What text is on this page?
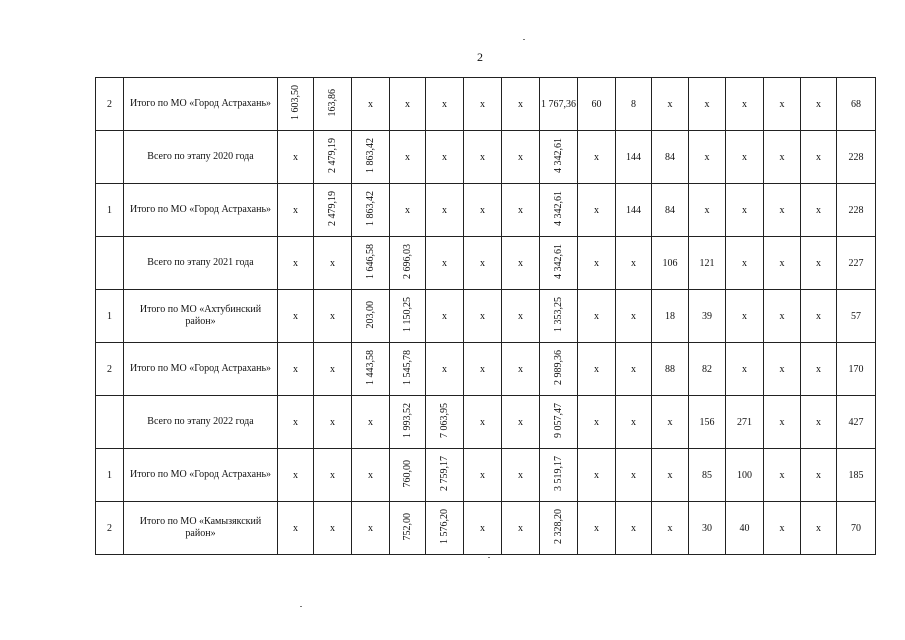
2
2	Итого по МО «Город Астрахань»	1 603,50	163,86	х	х	х	х	х	1 767,36	60	8	х	х	х	х	х	68
	Всего по этапу 2020 года	х	2 479,19	1 863,42	х	х	х	х	4 342,61	х	144	84	х	х	х	х	228
1	Итого по МО «Город Астрахань»	х	2 479,19	1 863,42	х	х	х	х	4 342,61	х	144	84	х	х	х	х	228
	Всего по этапу 2021 года	х	х	1 646,58	2 696,03	х	х	х	4 342,61	х	х	106	121	х	х	х	227
1	Итого по МО «Ахтубинский район»	х	х	203,00	1 150,25	х	х	х	1 353,25	х	х	18	39	х	х	х	57
2	Итого по МО «Город Астрахань»	х	х	1 443,58	1 545,78	х	х	х	2 989,36	х	х	88	82	х	х	х	170
	Всего по этапу 2022 года	х	х	х	1 993,52	7 063,95	х	х	9 057,47	х	х	х	156	271	х	х	427
1	Итого по МО «Город Астрахань»	х	х	х	760,00	2 759,17	х	х	3 519,17	х	х	х	85	100	х	х	185
2	Итого по МО «Камызякский район»	х	х	х	752,00	1 576,20	х	х	2 328,20	х	х	х	30	40	х	х	70
